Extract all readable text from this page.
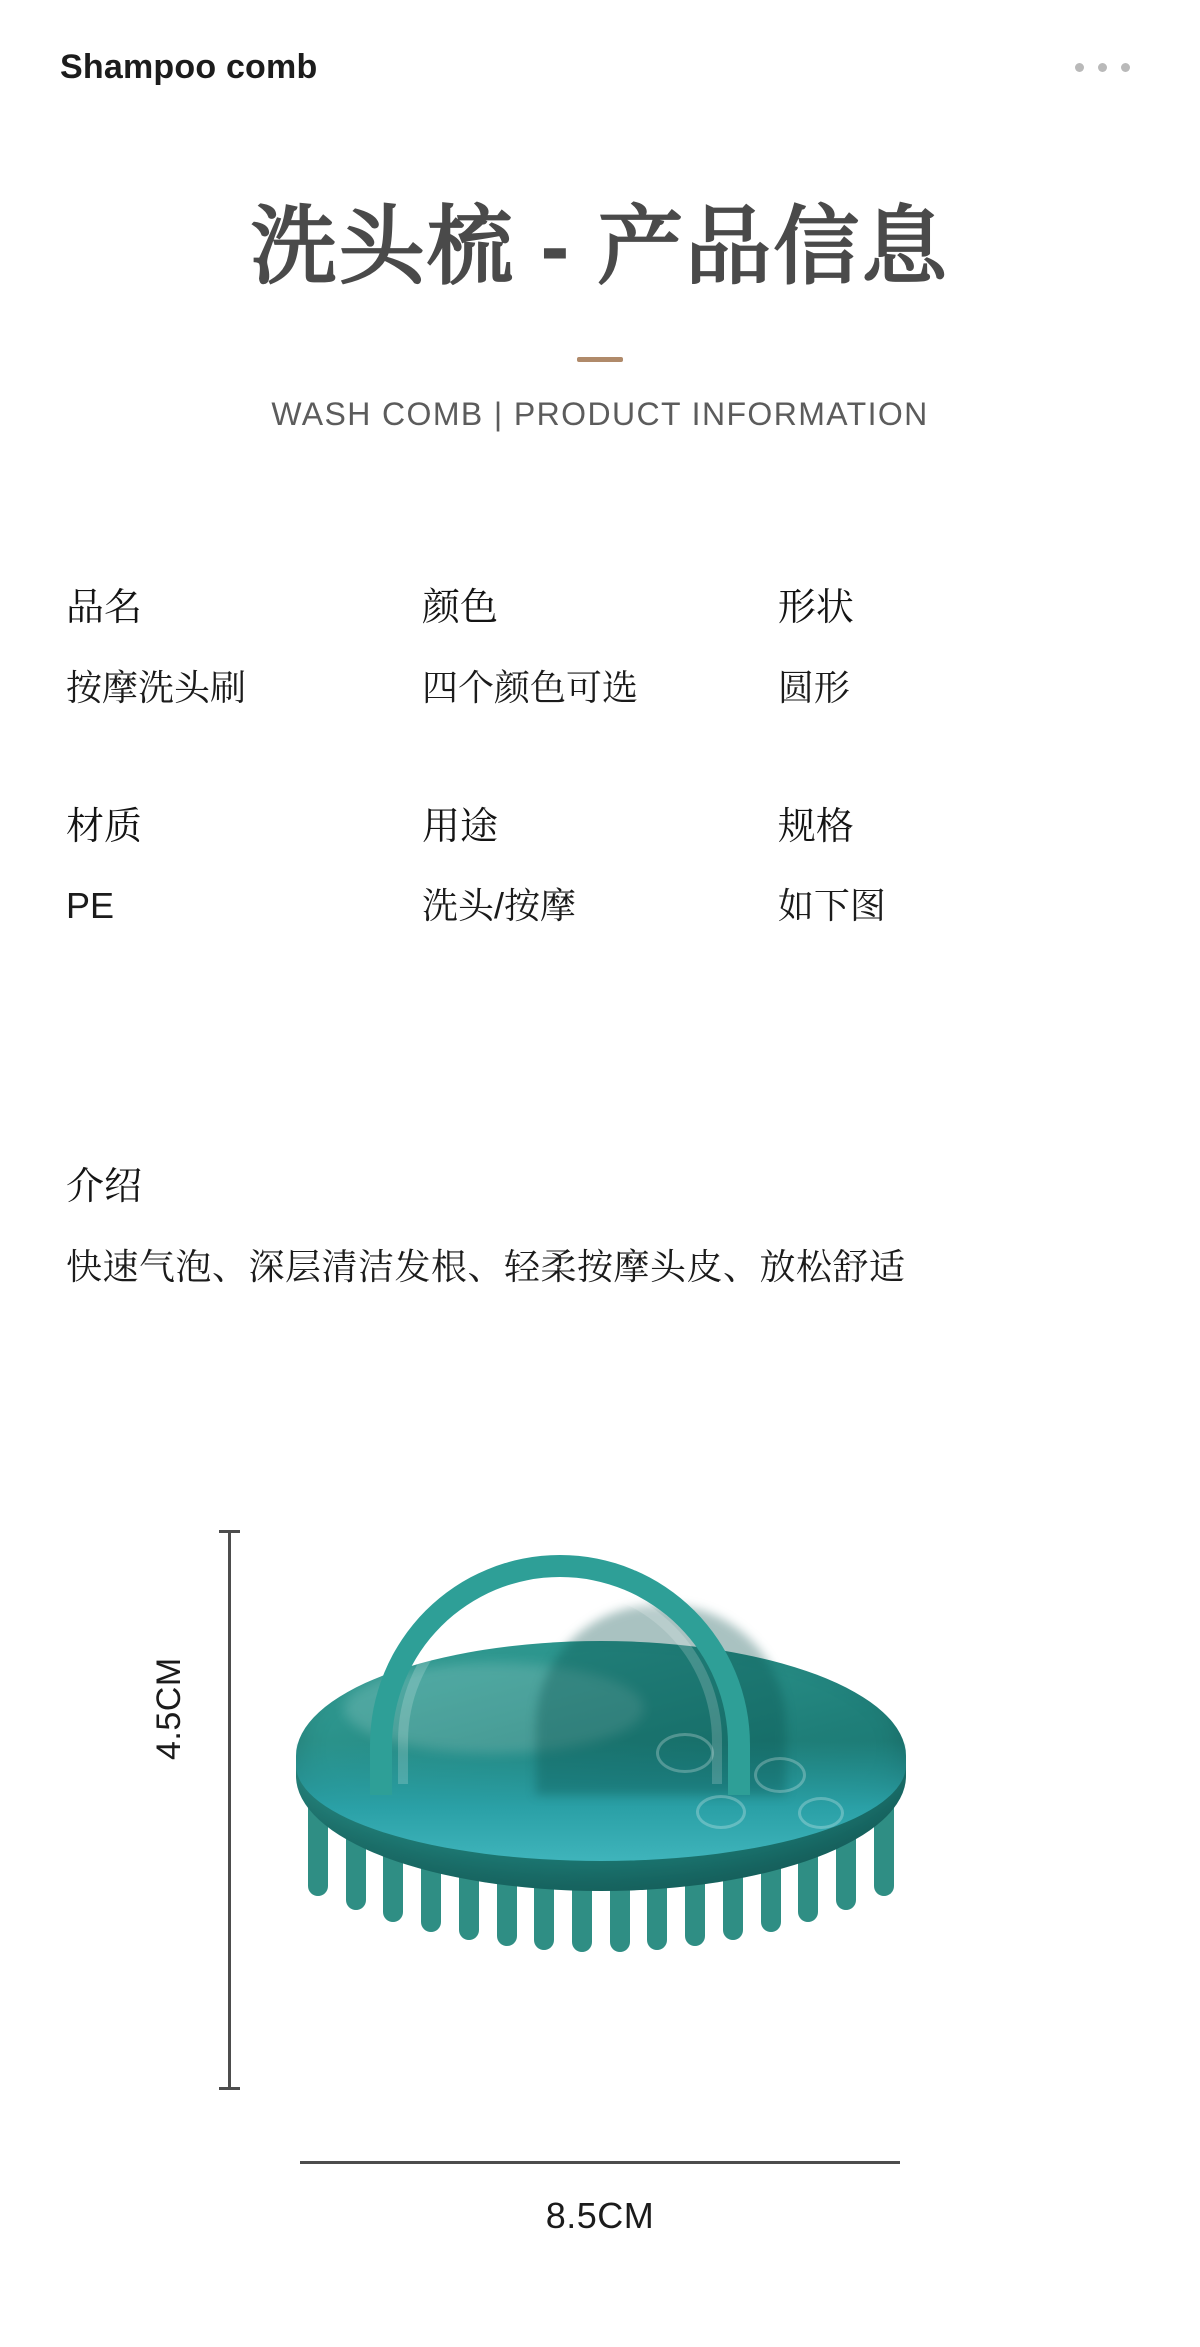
Shampoo comb
洗头梳 - 产品信息
WASH COMB | PRODUCT INFORMATION
品名
按摩洗头刷
颜色
四个颜色可选
形状
圆形
材质
PE
用途
洗头/按摩
规格
如下图
介绍
快速气泡、深层清洁发根、轻柔按摩头皮、放松舒适
4.5CM
8.5CM
